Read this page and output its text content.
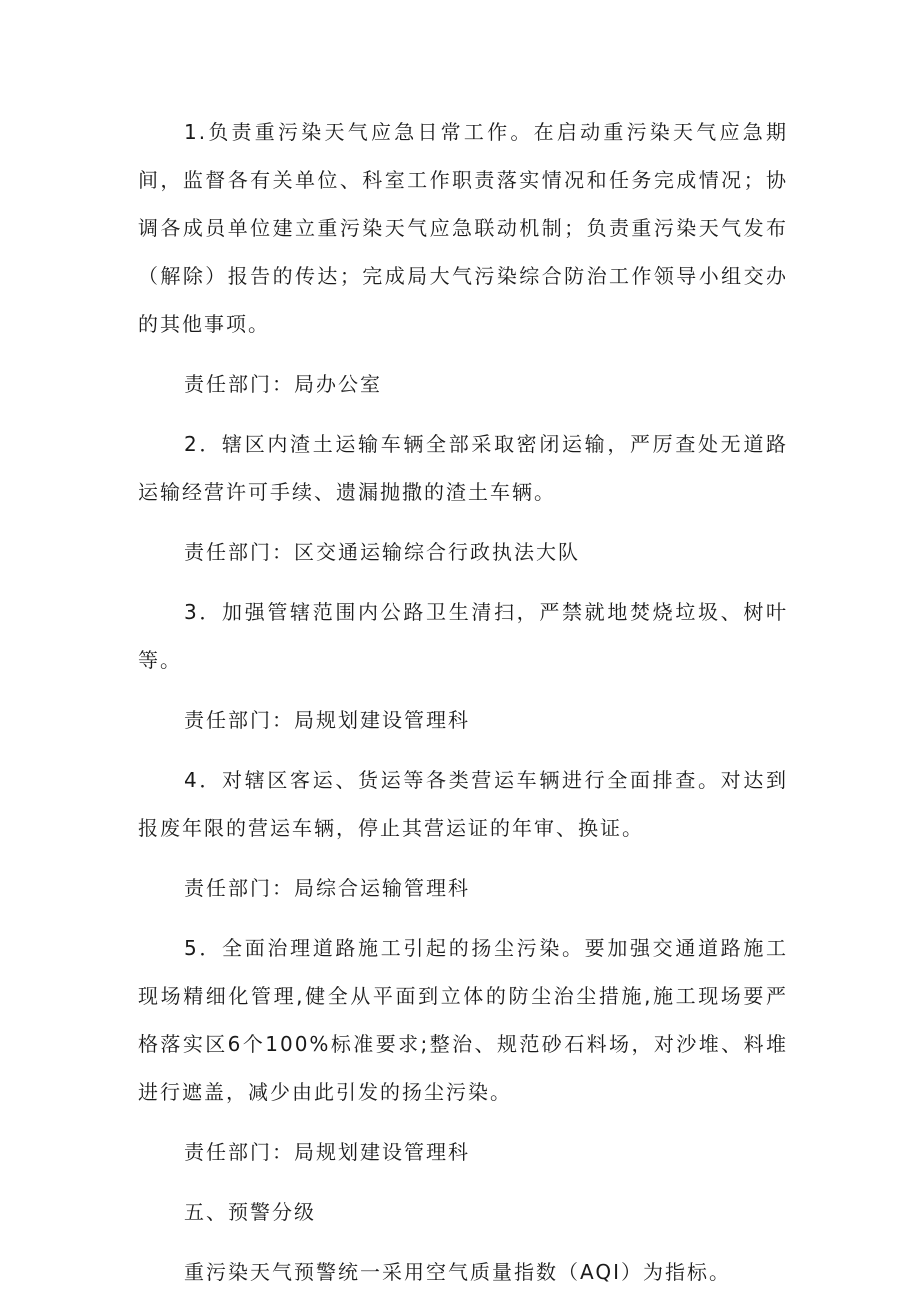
1.负责重污染天气应急日常工作。在启动重污染天气应急期间，监督各有关单位、科室工作职责落实情况和任务完成情况；协调各成员单位建立重污染天气应急联动机制；负责重污染天气发布（解除）报告的传达；完成局大气污染综合防治工作领导小组交办的其他事项。

责任部门：局办公室

2．辖区内渣土运输车辆全部采取密闭运输，严厉查处无道路运输经营许可手续、遗漏抛撒的渣土车辆。

责任部门：区交通运输综合行政执法大队

3．加强管辖范围内公路卫生清扫，严禁就地焚烧垃圾、树叶等。

责任部门：局规划建设管理科

4．对辖区客运、货运等各类营运车辆进行全面排查。对达到报废年限的营运车辆，停止其营运证的年审、换证。

责任部门：局综合运输管理科

5．全面治理道路施工引起的扬尘污染。要加强交通道路施工现场精细化管理,健全从平面到立体的防尘治尘措施,施工现场要严格落实区6个100%标准要求;整治、规范砂石料场，对沙堆、料堆进行遮盖，减少由此引发的扬尘污染。

责任部门：局规划建设管理科

五、预警分级

重污染天气预警统一采用空气质量指数（AQI）为指标。
